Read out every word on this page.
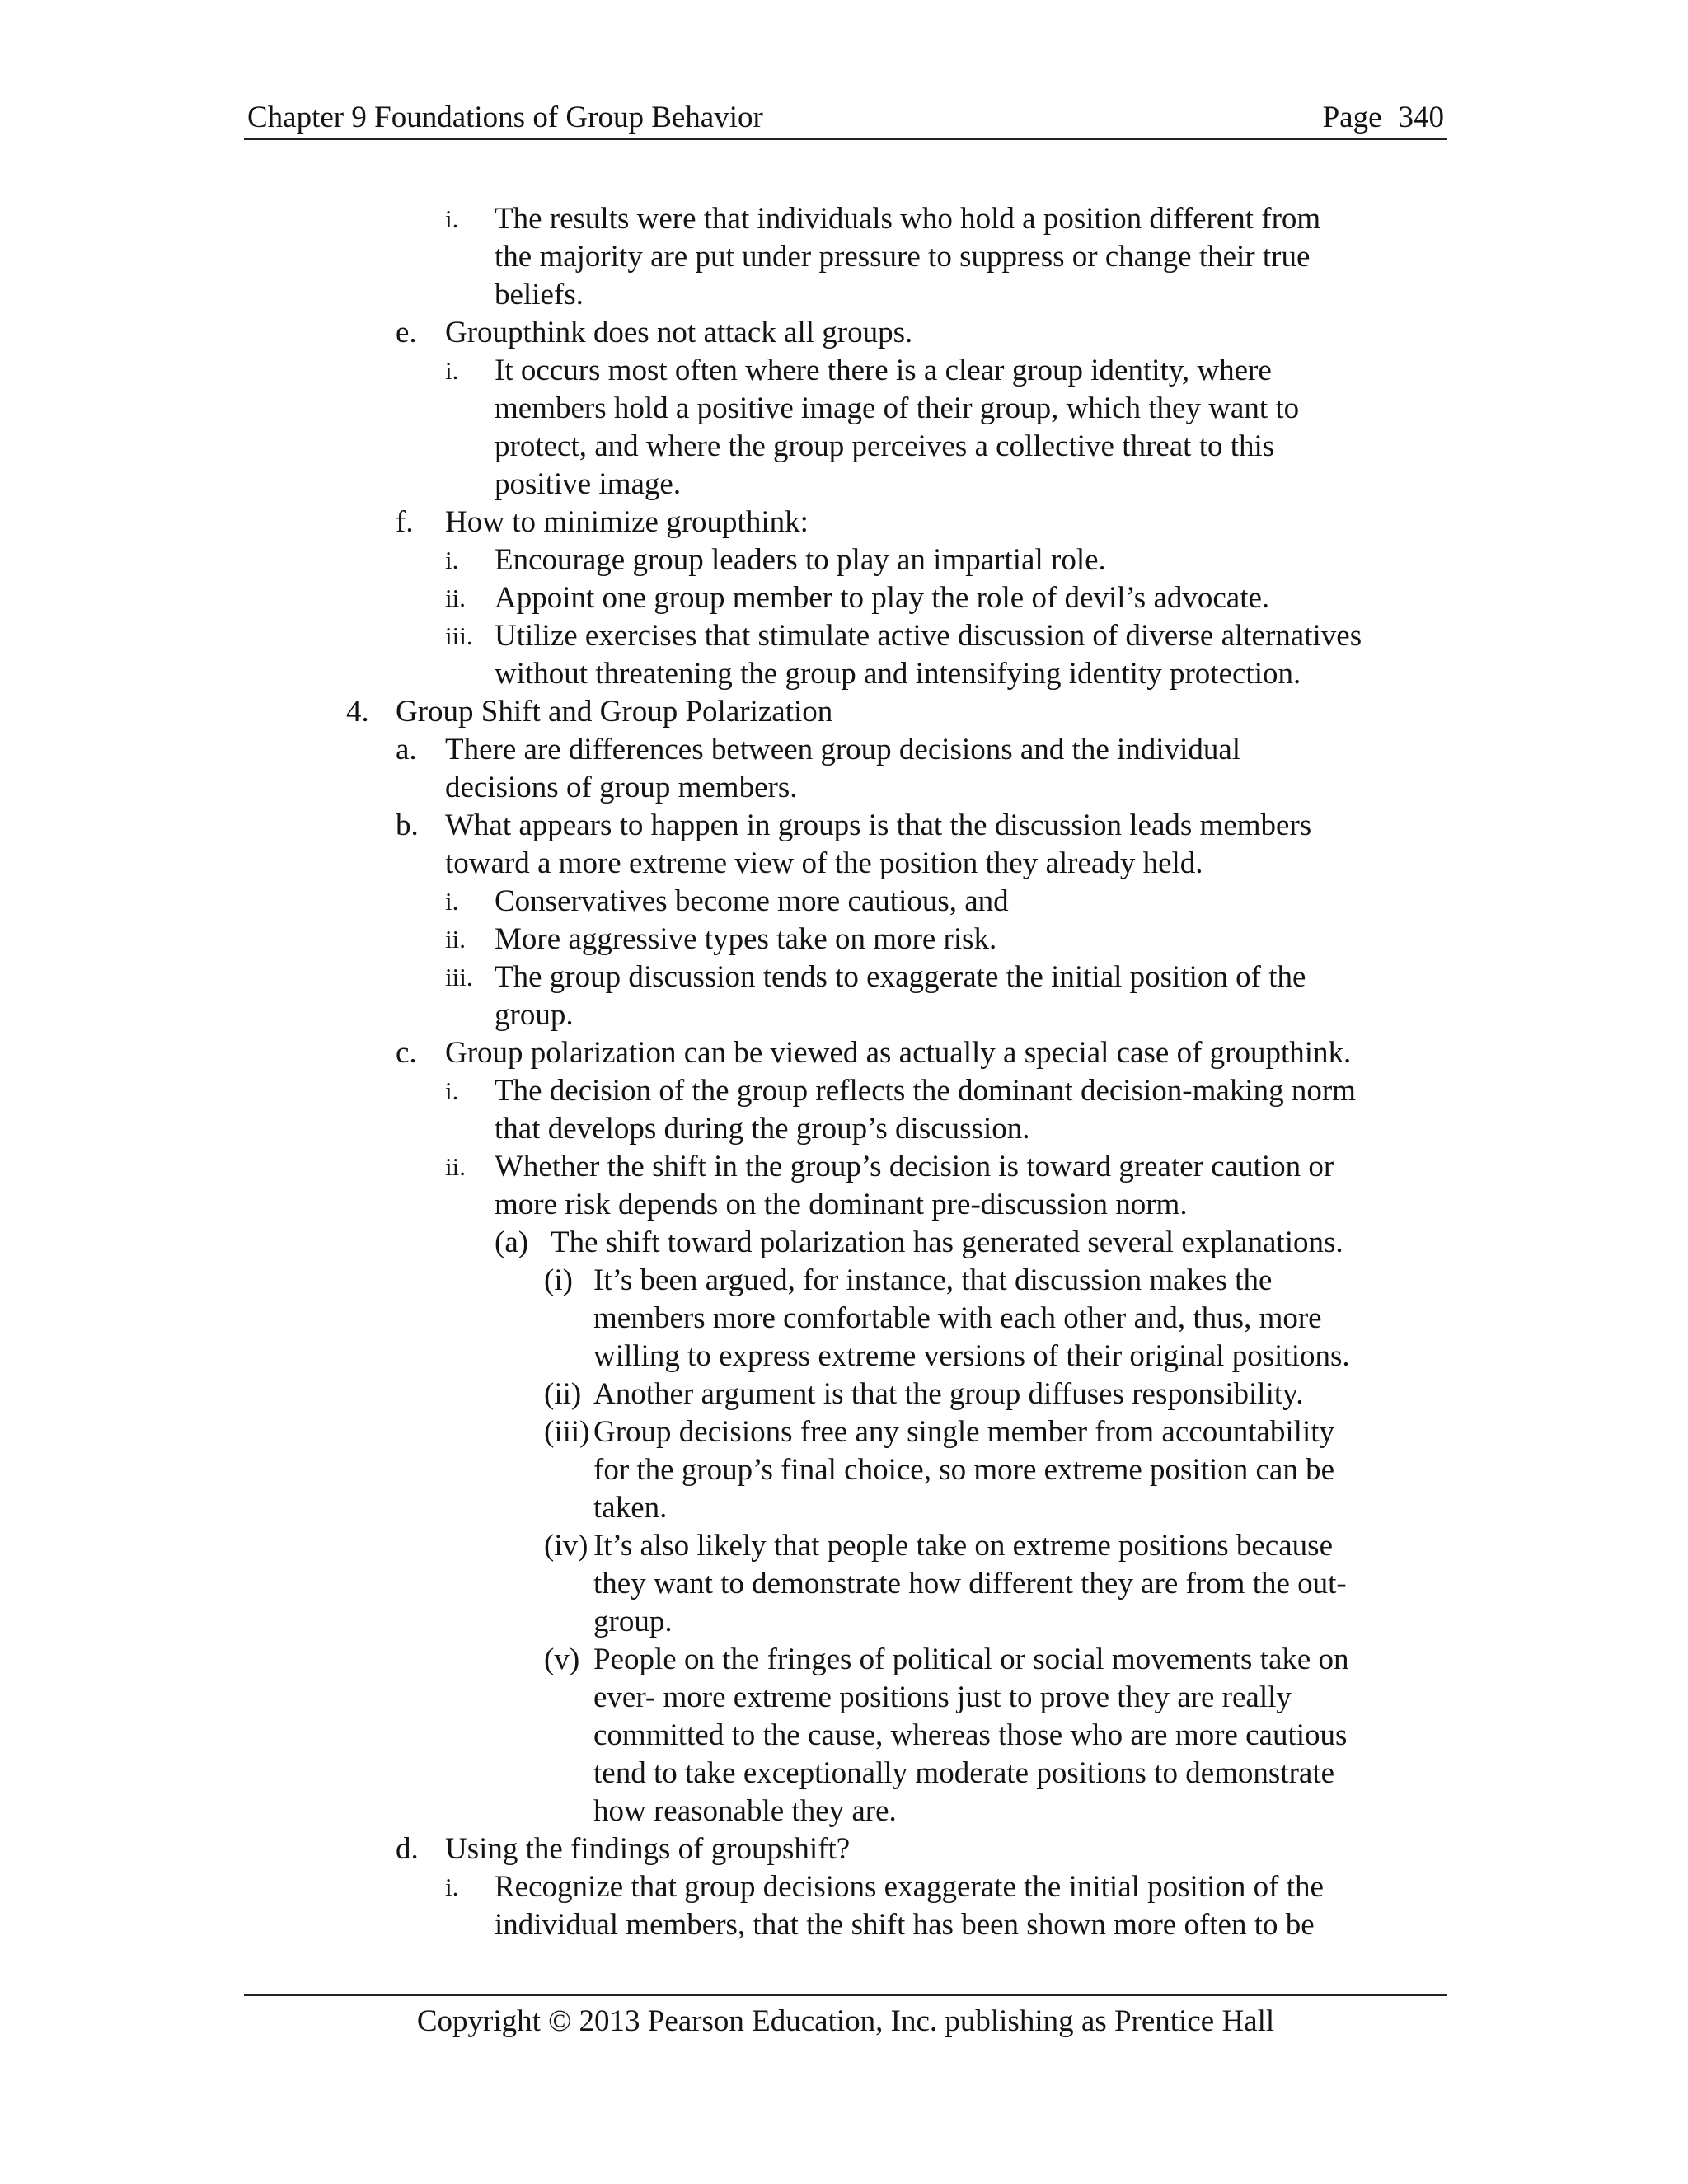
Chapter 9 Foundations of Group Behavior	Page 340
i. The results were that individuals who hold a position different from
the majority are put under pressure to suppress or change their true
beliefs.
e. Groupthink does not attack all groups.
i. It occurs most often where there is a clear group identity, where
members hold a positive image of their group, which they want to
protect, and where the group perceives a collective threat to this
positive image.
f. How to minimize groupthink:
i. Encourage group leaders to play an impartial role.
ii. Appoint one group member to play the role of devil’s advocate.
iii. Utilize exercises that stimulate active discussion of diverse alternatives
without threatening the group and intensifying identity protection.
4. Group Shift and Group Polarization
a. There are differences between group decisions and the individual
decisions of group members.
b. What appears to happen in groups is that the discussion leads members
toward a more extreme view of the position they already held.
i. Conservatives become more cautious, and
ii. More aggressive types take on more risk.
iii. The group discussion tends to exaggerate the initial position of the
group.
c. Group polarization can be viewed as actually a special case of groupthink.
i. The decision of the group reflects the dominant decision-making norm
that develops during the group’s discussion.
ii. Whether the shift in the group’s decision is toward greater caution or
more risk depends on the dominant pre-discussion norm.
(a) The shift toward polarization has generated several explanations.
(i) It’s been argued, for instance, that discussion makes the
members more comfortable with each other and, thus, more
willing to express extreme versions of their original positions.
(ii) Another argument is that the group diffuses responsibility.
(iii) Group decisions free any single member from accountability
for the group’s final choice, so more extreme position can be
taken.
(iv) It’s also likely that people take on extreme positions because
they want to demonstrate how different they are from the out-
group.
(v) People on the fringes of political or social movements take on
ever- more extreme positions just to prove they are really
committed to the cause, whereas those who are more cautious
tend to take exceptionally moderate positions to demonstrate
how reasonable they are.
d. Using the findings of groupshift?
i. Recognize that group decisions exaggerate the initial position of the
individual members, that the shift has been shown more often to be
Copyright © 2013 Pearson Education, Inc. publishing as Prentice Hall
